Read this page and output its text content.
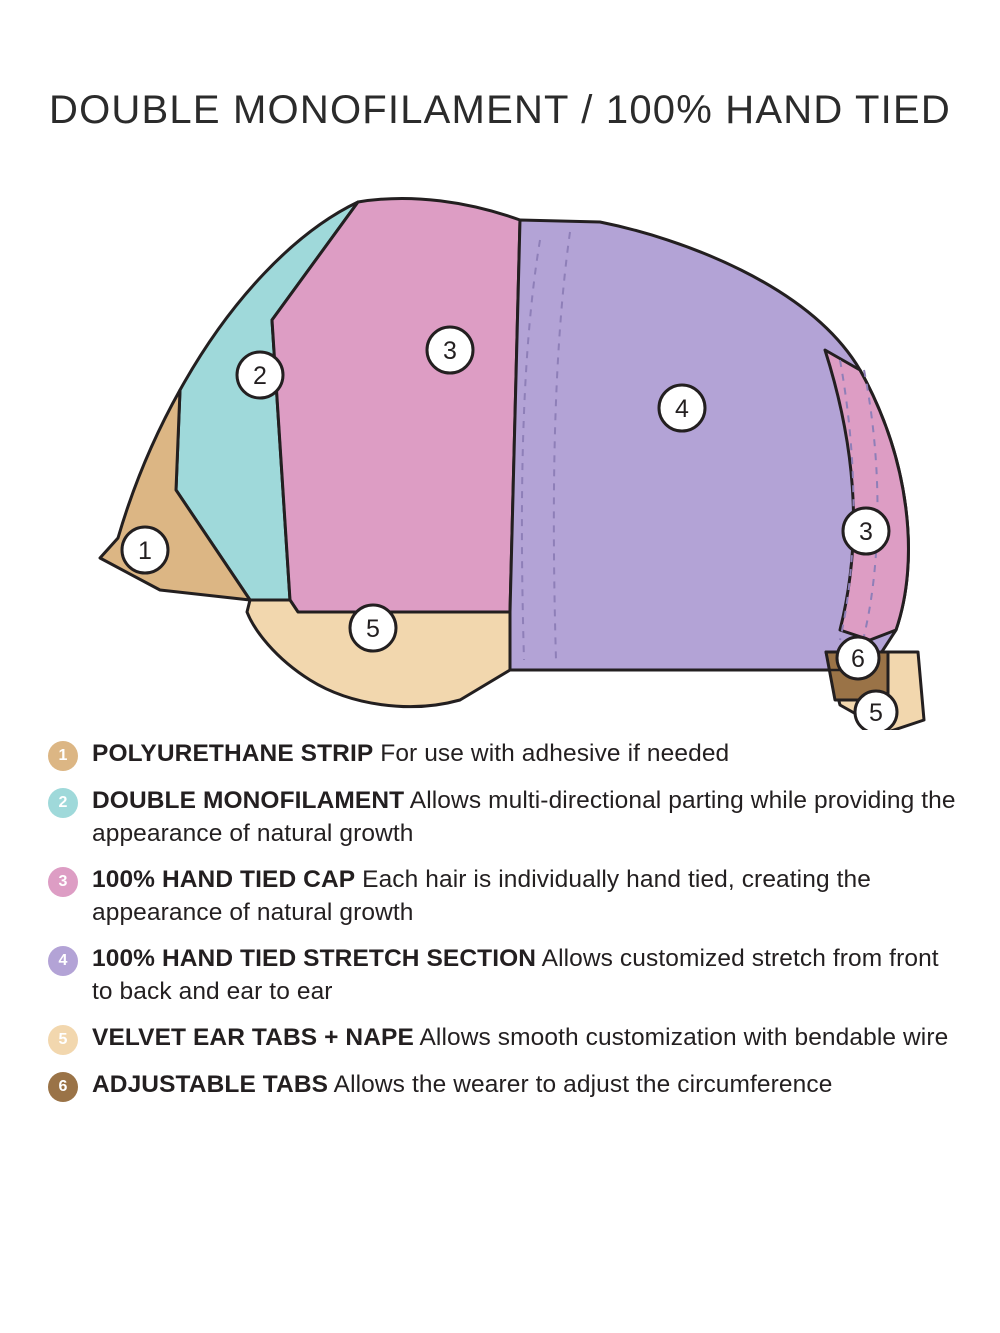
DOUBLE MONOFILAMENT / 100% HAND TIED
1
2
3
4
3
5
6
5
1	POLYURETHANE STRIP For use with adhesive if needed
2	DOUBLE MONOFILAMENT Allows multi-directional parting while providing the appearance of natural growth
3	100% HAND TIED CAP Each hair is individually hand tied, creating the appearance of natural growth
4	100% HAND TIED STRETCH SECTION Allows customized stretch from front to back and ear to ear
5	VELVET EAR TABS + NAPE Allows smooth customization with bendable wire
6	ADJUSTABLE TABS Allows the wearer to adjust the circumference
